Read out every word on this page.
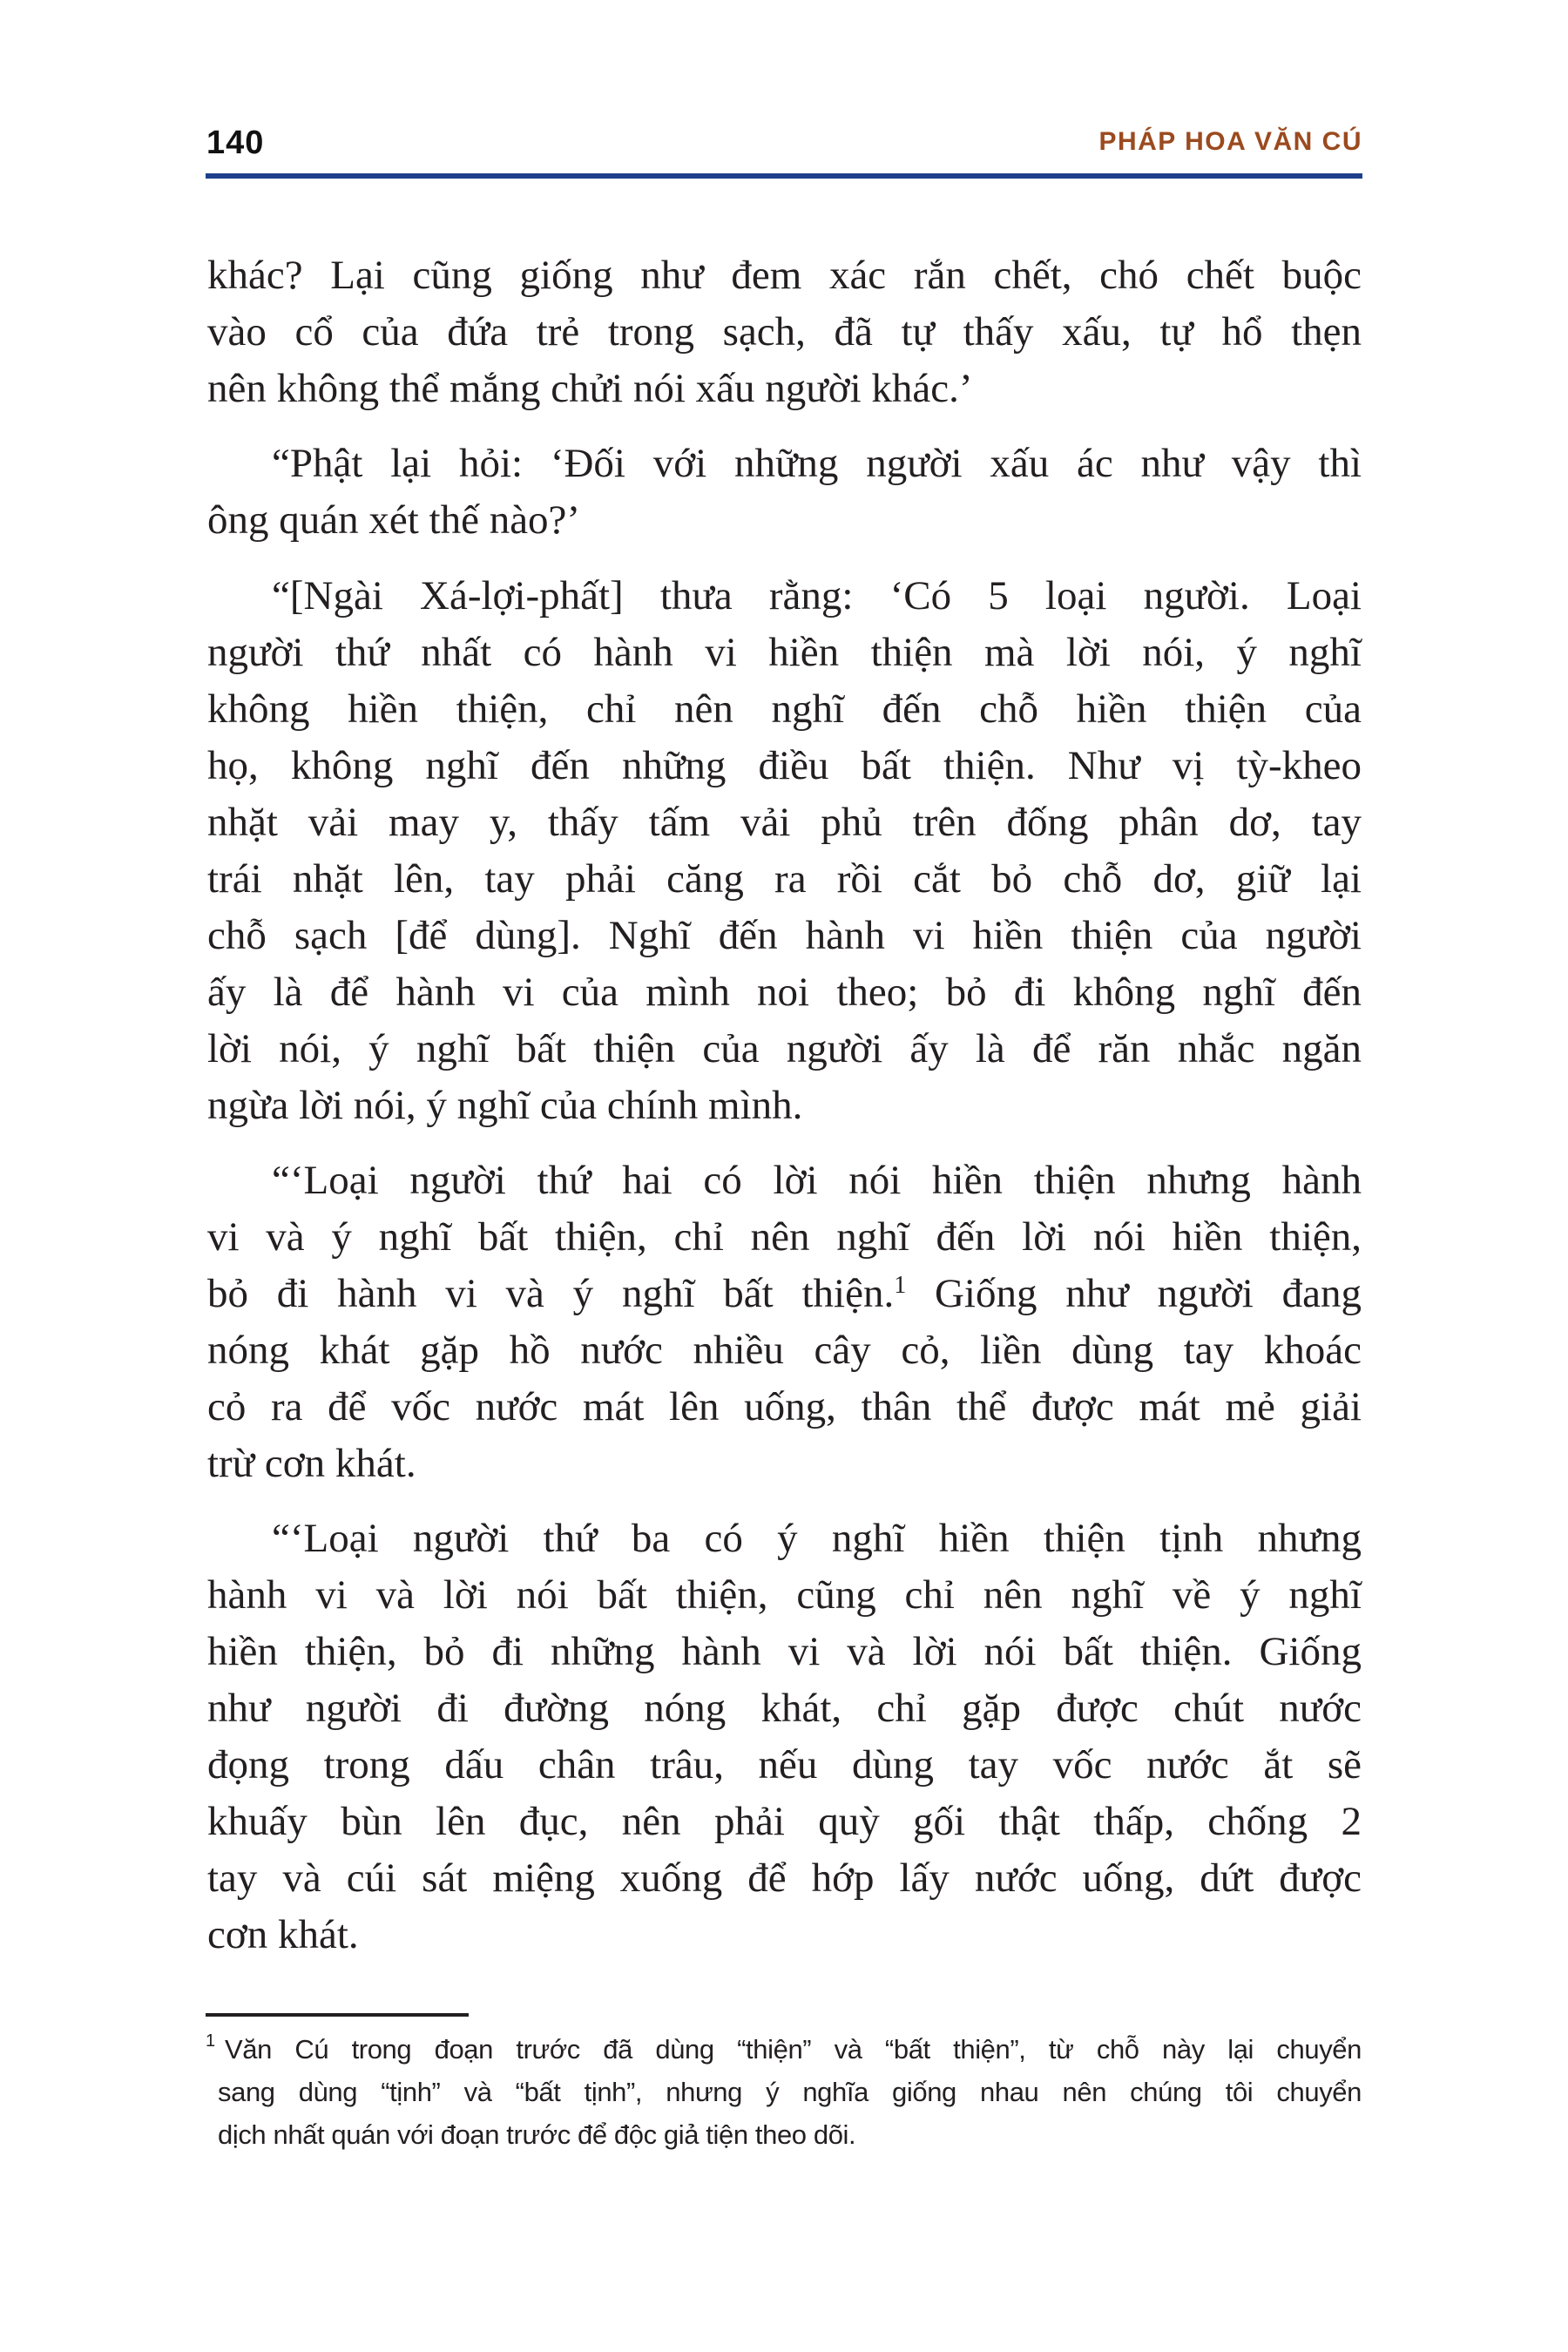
140	PHÁP HOA VĂN CÚ
khác? Lại cũng giống như đem xác rắn chết, chó chết buộc
vào cổ của đứa trẻ trong sạch, đã tự thấy xấu, tự hổ thẹn
nên không thể mắng chửi nói xấu người khác.’
“Phật lại hỏi: ‘Đối với những người xấu ác như vậy thì
ông quán xét thế nào?’
“[Ngài Xá-lợi-phất] thưa rằng: ‘Có 5 loại người. Loại
người thứ nhất có hành vi hiền thiện mà lời nói, ý nghĩ
không hiền thiện, chỉ nên nghĩ đến chỗ hiền thiện của
họ, không nghĩ đến những điều bất thiện. Như vị tỳ-kheo
nhặt vải may y, thấy tấm vải phủ trên đống phân dơ, tay
trái nhặt lên, tay phải căng ra rồi cắt bỏ chỗ dơ, giữ lại
chỗ sạch [để dùng]. Nghĩ đến hành vi hiền thiện của người
ấy là để hành vi của mình noi theo; bỏ đi không nghĩ đến
lời nói, ý nghĩ bất thiện của người ấy là để răn nhắc ngăn
ngừa lời nói, ý nghĩ của chính mình.
“‘Loại người thứ hai có lời nói hiền thiện nhưng hành
vi và ý nghĩ bất thiện, chỉ nên nghĩ đến lời nói hiền thiện,
bỏ đi hành vi và ý nghĩ bất thiện.$^1$ Giống như người đang
nóng khát gặp hồ nước nhiều cây cỏ, liền dùng tay khoác
cỏ ra để vốc nước mát lên uống, thân thể được mát mẻ giải
trừ cơn khát.
“‘Loại người thứ ba có ý nghĩ hiền thiện tịnh nhưng
hành vi và lời nói bất thiện, cũng chỉ nên nghĩ về ý nghĩ
hiền thiện, bỏ đi những hành vi và lời nói bất thiện. Giống
như người đi đường nóng khát, chỉ gặp được chút nước
đọng trong dấu chân trâu, nếu dùng tay vốc nước ắt sẽ
khuấy bùn lên đục, nên phải quỳ gối thật thấp, chống 2
tay và cúi sát miệng xuống để hớp lấy nước uống, dứt được
cơn khát.
1 Văn Cú trong đoạn trước đã dùng “thiện” và “bất thiện”, từ chỗ này lại chuyển
sang dùng “tịnh” và “bất tịnh”, nhưng ý nghĩa giống nhau nên chúng tôi chuyển
dịch nhất quán với đoạn trước để độc giả tiện theo dõi.
